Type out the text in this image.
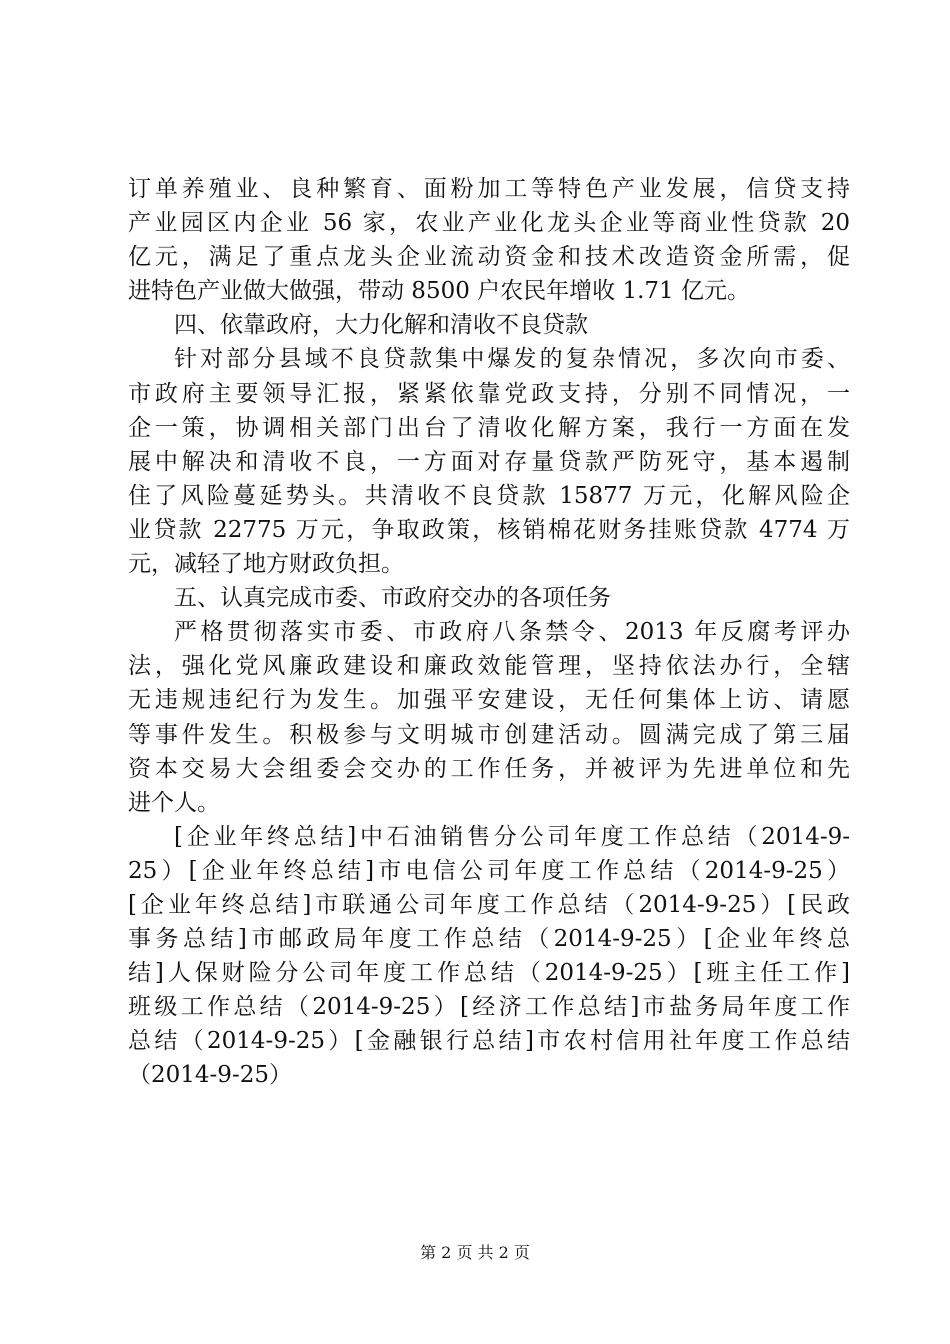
订单养殖业、良种繁育、面粉加工等特色产业发展，信贷支持
产业园区内企业 56 家，农业产业化龙头企业等商业性贷款 20
亿元，满足了重点龙头企业流动资金和技术改造资金所需，促
进特色产业做大做强，带动 8500 户农民年增收 1.71 亿元。
四、依靠政府，大力化解和清收不良贷款
针对部分县域不良贷款集中爆发的复杂情况，多次向市委、
市政府主要领导汇报，紧紧依靠党政支持，分别不同情况，一
企一策，协调相关部门出台了清收化解方案，我行一方面在发
展中解决和清收不良，一方面对存量贷款严防死守，基本遏制
住了风险蔓延势头。共清收不良贷款 15877 万元，化解风险企
业贷款 22775 万元，争取政策，核销棉花财务挂账贷款 4774 万
元，减轻了地方财政负担。
五、认真完成市委、市政府交办的各项任务
严格贯彻落实市委、市政府八条禁令、2013 年反腐考评办
法，强化党风廉政建设和廉政效能管理，坚持依法办行，全辖
无违规违纪行为发生。加强平安建设，无任何集体上访、请愿
等事件发生。积极参与文明城市创建活动。圆满完成了第三届
资本交易大会组委会交办的工作任务，并被评为先进单位和先
进个人。
[企业年终总结]中石油销售分公司年度工作总结（2014-9-
25）[企业年终总结]市电信公司年度工作总结（2014-9-25）
[企业年终总结]市联通公司年度工作总结（2014-9-25）[民政
事务总结]市邮政局年度工作总结（2014-9-25）[企业年终总
结]人保财险分公司年度工作总结（2014-9-25）[班主任工作]
班级工作总结（2014-9-25）[经济工作总结]市盐务局年度工作
总结（2014-9-25）[金融银行总结]市农村信用社年度工作总结
（2014-9-25）
第 2 页 共 2 页
